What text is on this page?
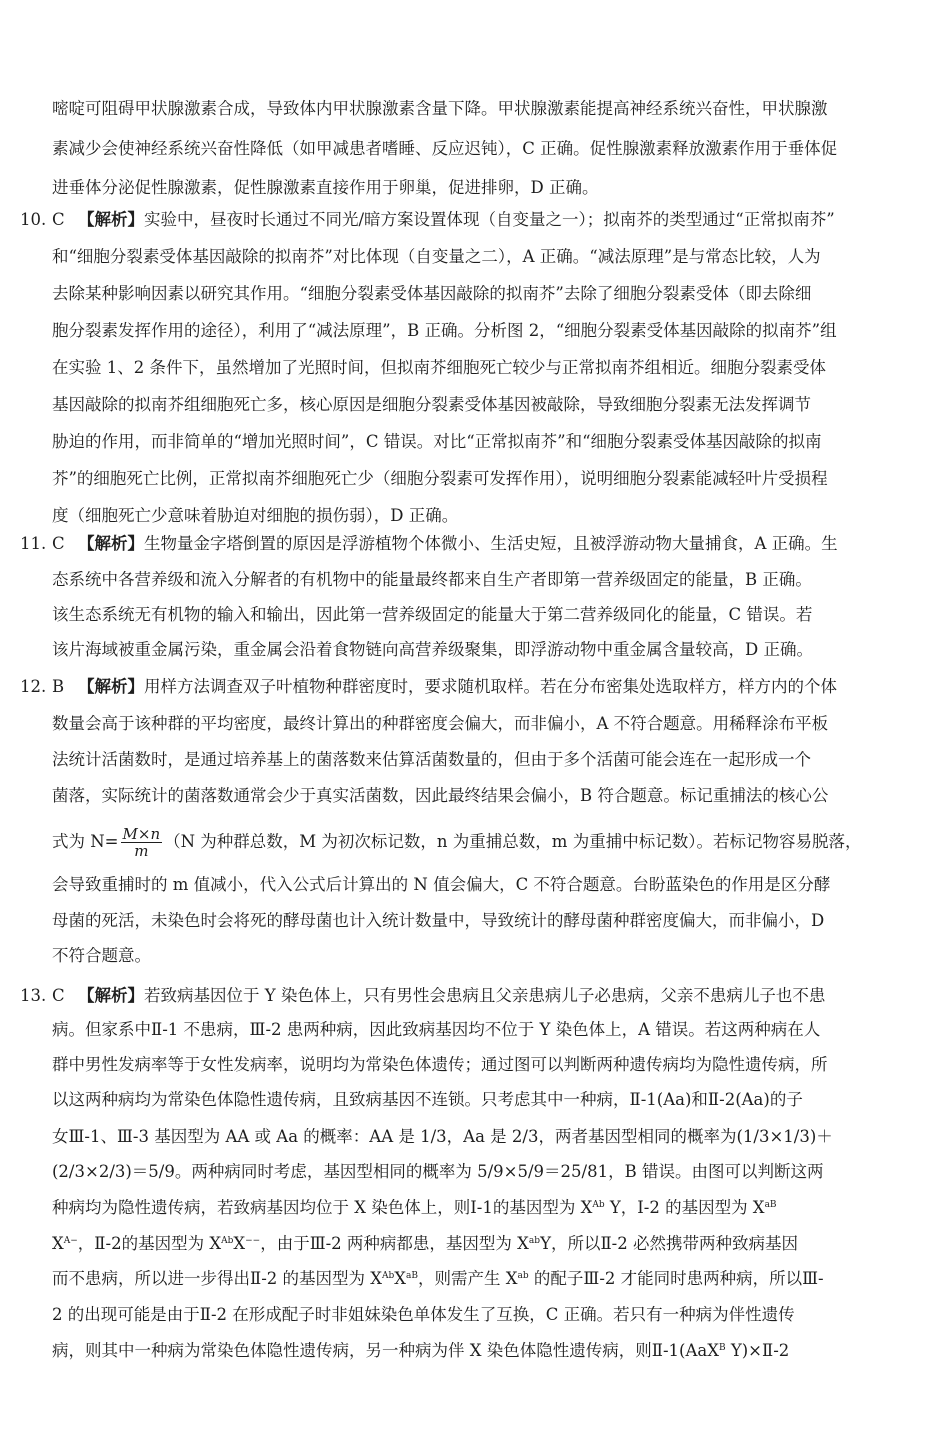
嘧啶可阻碍甲状腺激素合成，导致体内甲状腺激素含量下降。甲状腺激素能提高神经系统兴奋性，甲状腺激
素减少会使神经系统兴奋性降低（如甲减患者嗜睡、反应迟钝），C 正确。促性腺激素释放激素作用于垂体促
进垂体分泌促性腺激素，促性腺激素直接作用于卵巢，促进排卵，D 正确。
10. C 【解析】实验中，昼夜时长通过不同光/暗方案设置体现（自变量之一）；拟南芥的类型通过“正常拟南芥”
和“细胞分裂素受体基因敲除的拟南芥”对比体现（自变量之二），A 正确。“减法原理”是与常态比较，人为
去除某种影响因素以研究其作用。“细胞分裂素受体基因敲除的拟南芥”去除了细胞分裂素受体（即去除细
胞分裂素发挥作用的途径），利用了“减法原理”，B 正确。分析图 2，“细胞分裂素受体基因敲除的拟南芥”组
在实验 1、2 条件下，虽然增加了光照时间，但拟南芥细胞死亡较少与正常拟南芥组相近。细胞分裂素受体
基因敲除的拟南芥组细胞死亡多，核心原因是细胞分裂素受体基因被敲除，导致细胞分裂素无法发挥调节
胁迫的作用，而非简单的“增加光照时间”，C 错误。对比“正常拟南芥”和“细胞分裂素受体基因敲除的拟南
芥”的细胞死亡比例，正常拟南芥细胞死亡少（细胞分裂素可发挥作用），说明细胞分裂素能减轻叶片受损程
度（细胞死亡少意味着胁迫对细胞的损伤弱），D 正确。
11. C 【解析】生物量金字塔倒置的原因是浮游植物个体微小、生活史短，且被浮游动物大量捕食，A 正确。生
态系统中各营养级和流入分解者的有机物中的能量最终都来自生产者即第一营养级固定的能量，B 正确。
该生态系统无有机物的输入和输出，因此第一营养级固定的能量大于第二营养级同化的能量，C 错误。若
该片海域被重金属污染，重金属会沿着食物链向高营养级聚集，即浮游动物中重金属含量较高，D 正确。
12. B 【解析】用样方法调查双子叶植物种群密度时，要求随机取样。若在分布密集处选取样方，样方内的个体
数量会高于该种群的平均密度，最终计算出的种群密度会偏大，而非偏小，A 不符合题意。用稀释涂布平板
法统计活菌数时，是通过培养基上的菌落数来估算活菌数量的，但由于多个活菌可能会连在一起形成一个
菌落，实际统计的菌落数通常会少于真实活菌数，因此最终结果会偏小，B 符合题意。标记重捕法的核心公
式为 $N= \frac{M\times n}{m} (N$ 为种群总数，M 为初次标记数，n 为重捕总数，m 为重捕中标记数）。若标记物容易脱落，
会导致重捕时的 m 值减小，代入公式后计算出的 N 值会偏大，C 不符合题意。台盼蓝染色的作用是区分酵
母菌的死活，未染色时会将死的酵母菌也计入统计数量中，导致统计的酵母菌种群密度偏大，而非偏小，D
不符合题意。
13. C 【解析】若致病基因位于 Y 染色体上，只有男性会患病且父亲患病儿子必患病，父亲不患病儿子也不患
病。但家系中Ⅱ-1 不患病，Ⅲ-2 患两种病，因此致病基因均不位于 Y 染色体上，A 错误。若这两种病在人
群中男性发病率等于女性发病率，说明均为常染色体遗传；通过图可以判断两种遗传病均为隐性遗传病，所
以这两种病均为常染色体隐性遗传病，且致病基因不连锁。只考虑其中一种病，Ⅱ-1(Aa)和Ⅱ-2(Aa)的子
女Ⅲ-1、Ⅲ-3 基因型为 AA 或 Aa 的概率：AA 是 1/3，Aa 是 2/3，两者基因型相同的概率为(1/3×1/3)＋
(2/3×2/3)＝5/9。两种病同时考虑，基因型相同的概率为 5/9×5/9＝25/81，B 错误。由图可以判断这两
种病均为隐性遗传病，若致病基因均位于 X 染色体上，则Ⅰ-1的基因型为 $X^{Ab}$ Y，Ⅰ-2 的基因型为 $X^{aB}$
$X^{A-}$，Ⅱ-2的基因型为 $X^{Ab}X^{--}$，由于Ⅲ-2 两种病都患，基因型为 $X^{ab}Y$，所以Ⅱ-2 必然携带两种致病基因
而不患病，所以进一步得出Ⅱ-2 的基因型为 $X^{Ab}X^{aB}$，则需产生 $X^{ab}$ 的配子Ⅲ-2 才能同时患两种病，所以Ⅲ-
2 的出现可能是由于Ⅱ-2 在形成配子时非姐妹染色单体发生了互换，C 正确。若只有一种病为伴性遗传
病，则其中一种病为常染色体隐性遗传病，另一种病为伴 X 染色体隐性遗传病，则Ⅱ-1(AaX$^B$ Y)×Ⅱ-2
